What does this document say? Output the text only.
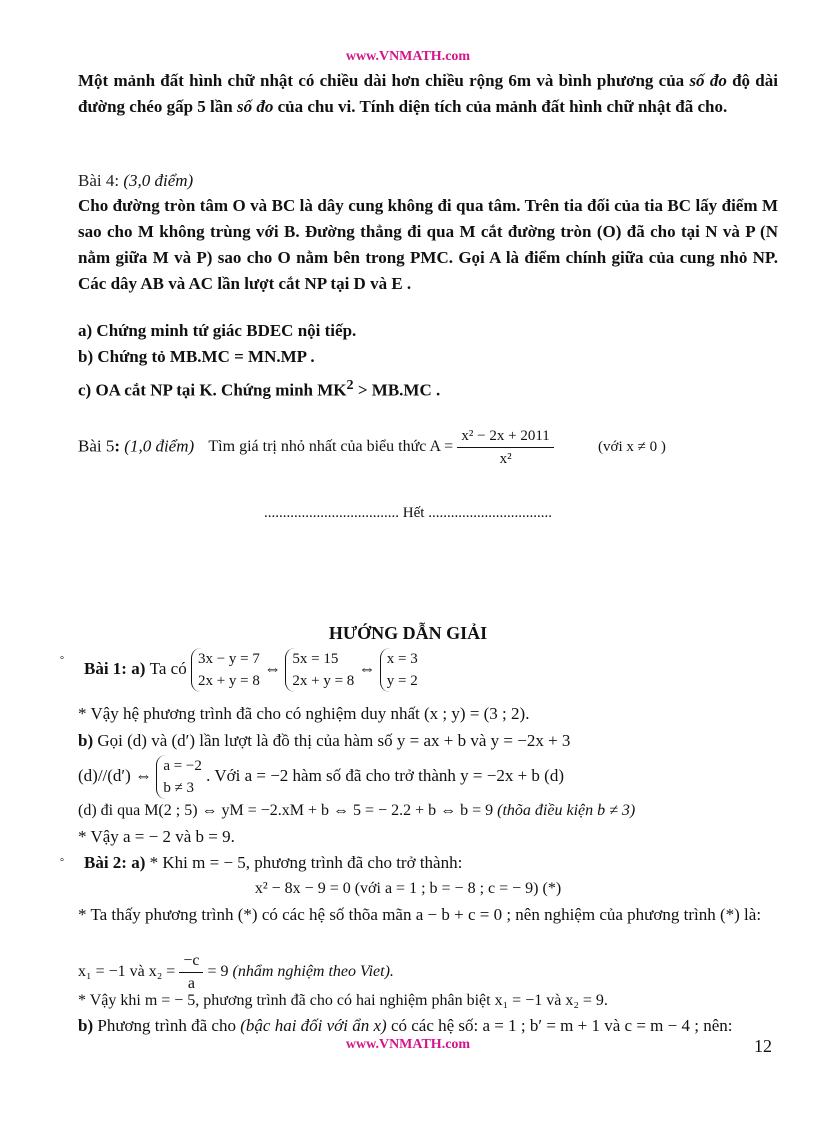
www.VNMATH.com
Một mảnh đất hình chữ nhật có chiều dài hơn chiều rộng 6m và bình phương của số đo độ dài đường chéo gấp 5 lần số đo của chu vi. Tính diện tích của mảnh đất hình chữ nhật đã cho.
Bài 4: (3,0 điểm)
Cho đường tròn tâm O và BC là dây cung không đi qua tâm. Trên tia đối của tia BC lấy điểm M sao cho M không trùng với B. Đường thẳng đi qua M cắt đường tròn (O) đã cho tại N và P (N nằm giữa M và P) sao cho O nằm bên trong PMC. Gọi A là điểm chính giữa của cung nhỏ NP. Các dây AB và AC lần lượt cắt NP tại D và E .
a) Chứng minh tứ giác BDEC nội tiếp.
b) Chứng tỏ MB.MC = MN.MP .
c) OA cắt NP tại K. Chứng minh $MK^2 > MB.MC$ .
Bài 5: (1,0 điểm) Tìm giá trị nhỏ nhất của biểu thức $A = \frac{\text{x² − 2x + 2011}}{\text{x²}}$	(với x ≠ 0 )
.................................... Hết .................................
HƯỚNG DẪN GIẢI
° Bài 1: a) Ta có 3x − y = 7
2x + y = 8
⇔ 5x = 15
2x + y = 8
⇔ x = 3
y = 2
* Vậy hệ phương trình đã cho có nghiệm duy nhất (x ; y) = (3 ; 2).
b) Gọi (d) và (d′) lần lượt là đồ thị của hàm số y = ax + b và y = −2x + 3
(d)//(d′) ⇔ a = −2
b ≠ 3
. Với a = −2 hàm số đã cho trở thành y = −2x + b (d)
(d) đi qua M(2 ; 5) ⇔ yM = −2.xM + b ⇔ 5 = − 2.2 + b ⇔ b = 9 (thõa điều kiện b ≠ 3)
* Vậy a = − 2 và b = 9.
° Bài 2: a) * Khi m = − 5, phương trình đã cho trở thành:
x² − 8x − 9 = 0 (với a = 1 ; b = − 8 ; c = − 9) (*)
* Ta thấy phương trình (*) có các hệ số thõa mãn a − b + c = 0 ; nên nghiệm của phương trình (*) là:
x₁ = −1 và $x_2 = \frac{-c}{a} = 9$ (nhẩm nghiệm theo Viet).
* Vậy khi m = − 5, phương trình đã cho có hai nghiệm phân biệt x₁ = −1 và x₂ = 9.
b) Phương trình đã cho (bậc hai đối với ẩn x) có các hệ số: a = 1 ; b′ = m + 1 và c = m − 4 ; nên:
www.VNMATH.com	12
